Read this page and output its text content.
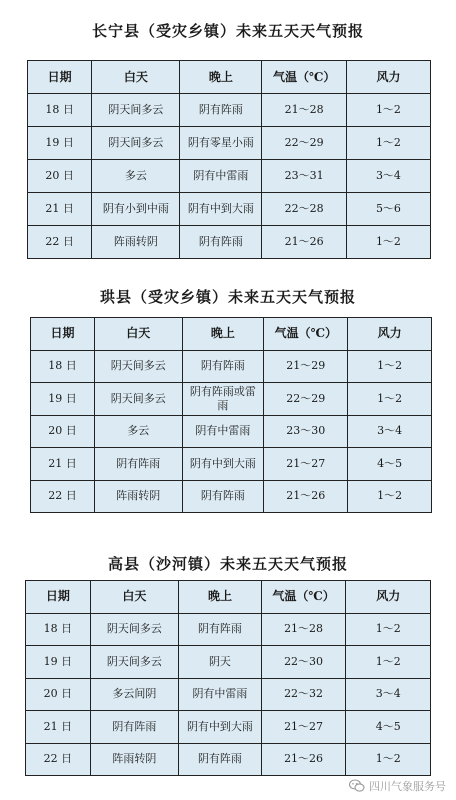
长宁县（受灾乡镇）未来五天天气预报
日期	白天	晚上	气温（℃）	风力
18 日	阴天间多云	阴有阵雨	21～28	1～2
19 日	阴天间多云	阴有零星小雨	22～29	1～2
20 日	多云	阴有中雷雨	23～31	3～4
21 日	阴有小到中雨	阴有中到大雨	22～28	5～6
22 日	阵雨转阴	阴有阵雨	21～26	1～2
珙县（受灾乡镇）未来五天天气预报
日期	白天	晚上	气温（℃）	风力
18 日	阴天间多云	阴有阵雨	21～29	1～2
19 日	阴天间多云	阴有阵雨或雷雨	22～29	1～2
20 日	多云	阴有中雷雨	23～30	3～4
21 日	阴有阵雨	阴有中到大雨	21～27	4～5
22 日	阵雨转阴	阴有阵雨	21～26	1～2
高县（沙河镇）未来五天天气预报
日期	白天	晚上	气温（℃）	风力
18 日	阴天间多云	阴有阵雨	21～28	1～2
19 日	阴天间多云	阴天	22～30	1～2
20 日	多云间阴	阴有中雷雨	22～32	3～4
21 日	阴有阵雨	阴有中到大雨	21～27	4～5
22 日	阵雨转阴	阴有阵雨	21～26	1～2
四川气象服务号
